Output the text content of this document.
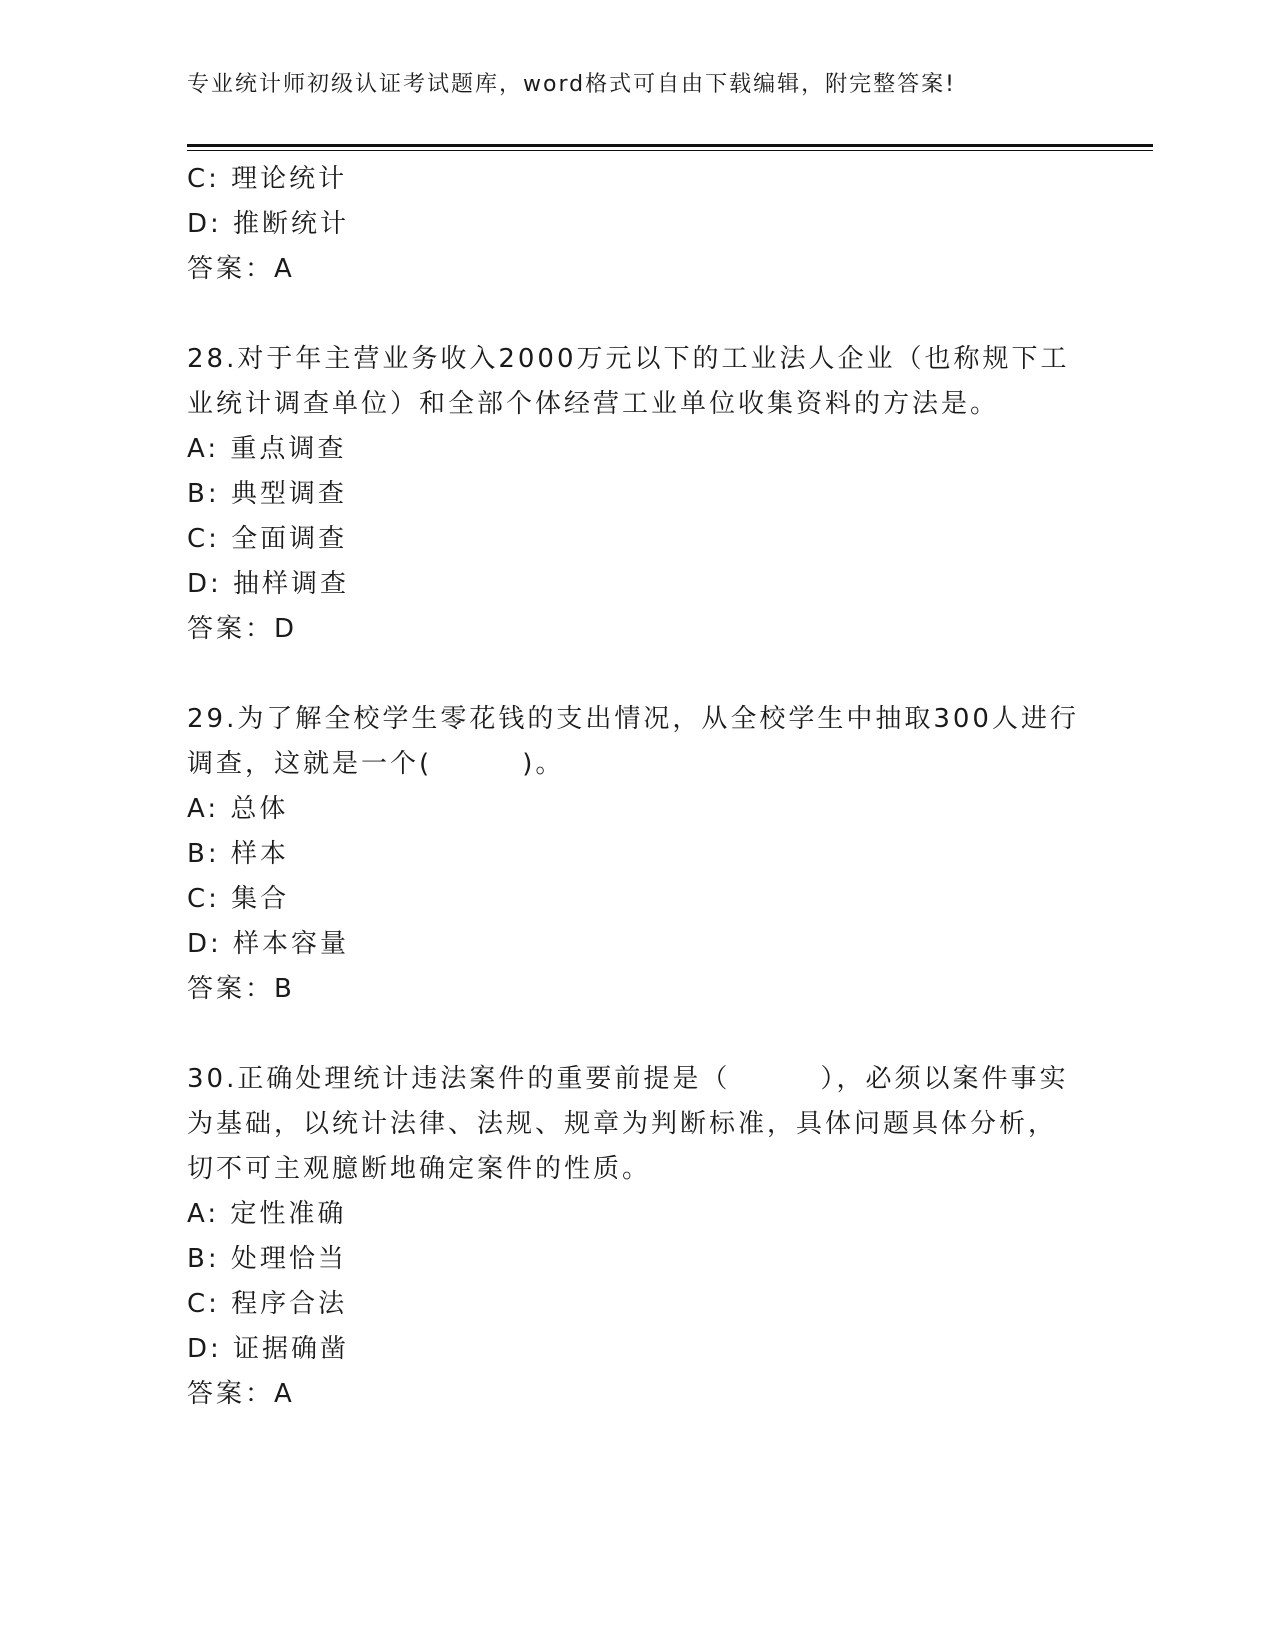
专业统计师初级认证考试题库，word格式可自由下载编辑，附完整答案!
C: 理论统计
D: 推断统计
答案：A
28.对于年主营业务收入2000万元以下的工业法人企业（也称规下工
业统计调查单位）和全部个体经营工业单位收集资料的方法是。
A: 重点调查
B: 典型调查
C: 全面调查
D: 抽样调查
答案：D
29.为了解全校学生零花钱的支出情况，从全校学生中抽取300人进行
调查，这就是一个(        )。
A: 总体
B: 样本
C: 集合
D: 样本容量
答案：B
30.正确处理统计违法案件的重要前提是（        ），必须以案件事实
为基础，以统计法律、法规、规章为判断标准，具体问题具体分析，
切不可主观臆断地确定案件的性质。
A: 定性准确
B: 处理恰当
C: 程序合法
D: 证据确凿
答案：A
